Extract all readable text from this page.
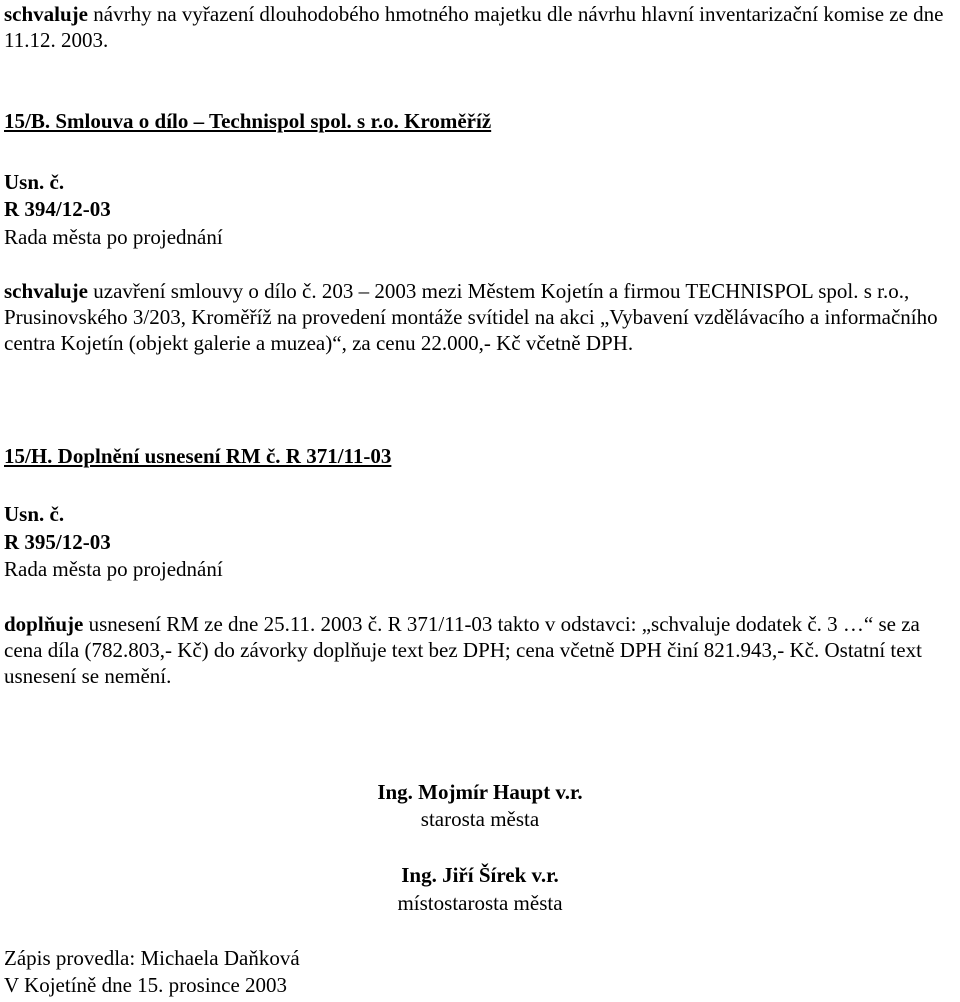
schvaluje návrhy na vyřazení dlouhodobého hmotného majetku dle návrhu hlavní inventarizační komise ze dne 11.12. 2003.

15/B. Smlouva o dílo – Technispol spol. s r.o. Kroměříž
Usn. č.
R 394/12-03
Rada města po projednání

schvaluje uzavření smlouvy o dílo č. 203 – 2003 mezi Městem Kojetín a firmou TECHNISPOL spol. s r.o., Prusinovského 3/203, Kroměříž na provedení montáže svítidel na akci „Vybavení vzdělávacího a informačního centra Kojetín (objekt galerie a muzea)“, za cenu 22.000,- Kč včetně DPH.

15/H. Doplnění usnesení RM č. R 371/11-03
Usn. č.
R 395/12-03
Rada města po projednání

doplňuje usnesení RM ze dne 25.11. 2003 č. R 371/11-03 takto v odstavci: „schvaluje dodatek č. 3 …“ se za cena díla (782.803,- Kč) do závorky doplňuje text bez DPH; cena včetně DPH činí 821.943,- Kč. Ostatní text usnesení se nemění.

Ing. Mojmír Haupt v.r.
starosta města
Ing. Jiří Šírek v.r.
místostarosta města
Zápis provedla: Michaela Daňková
V Kojetíně dne 15. prosince 2003
